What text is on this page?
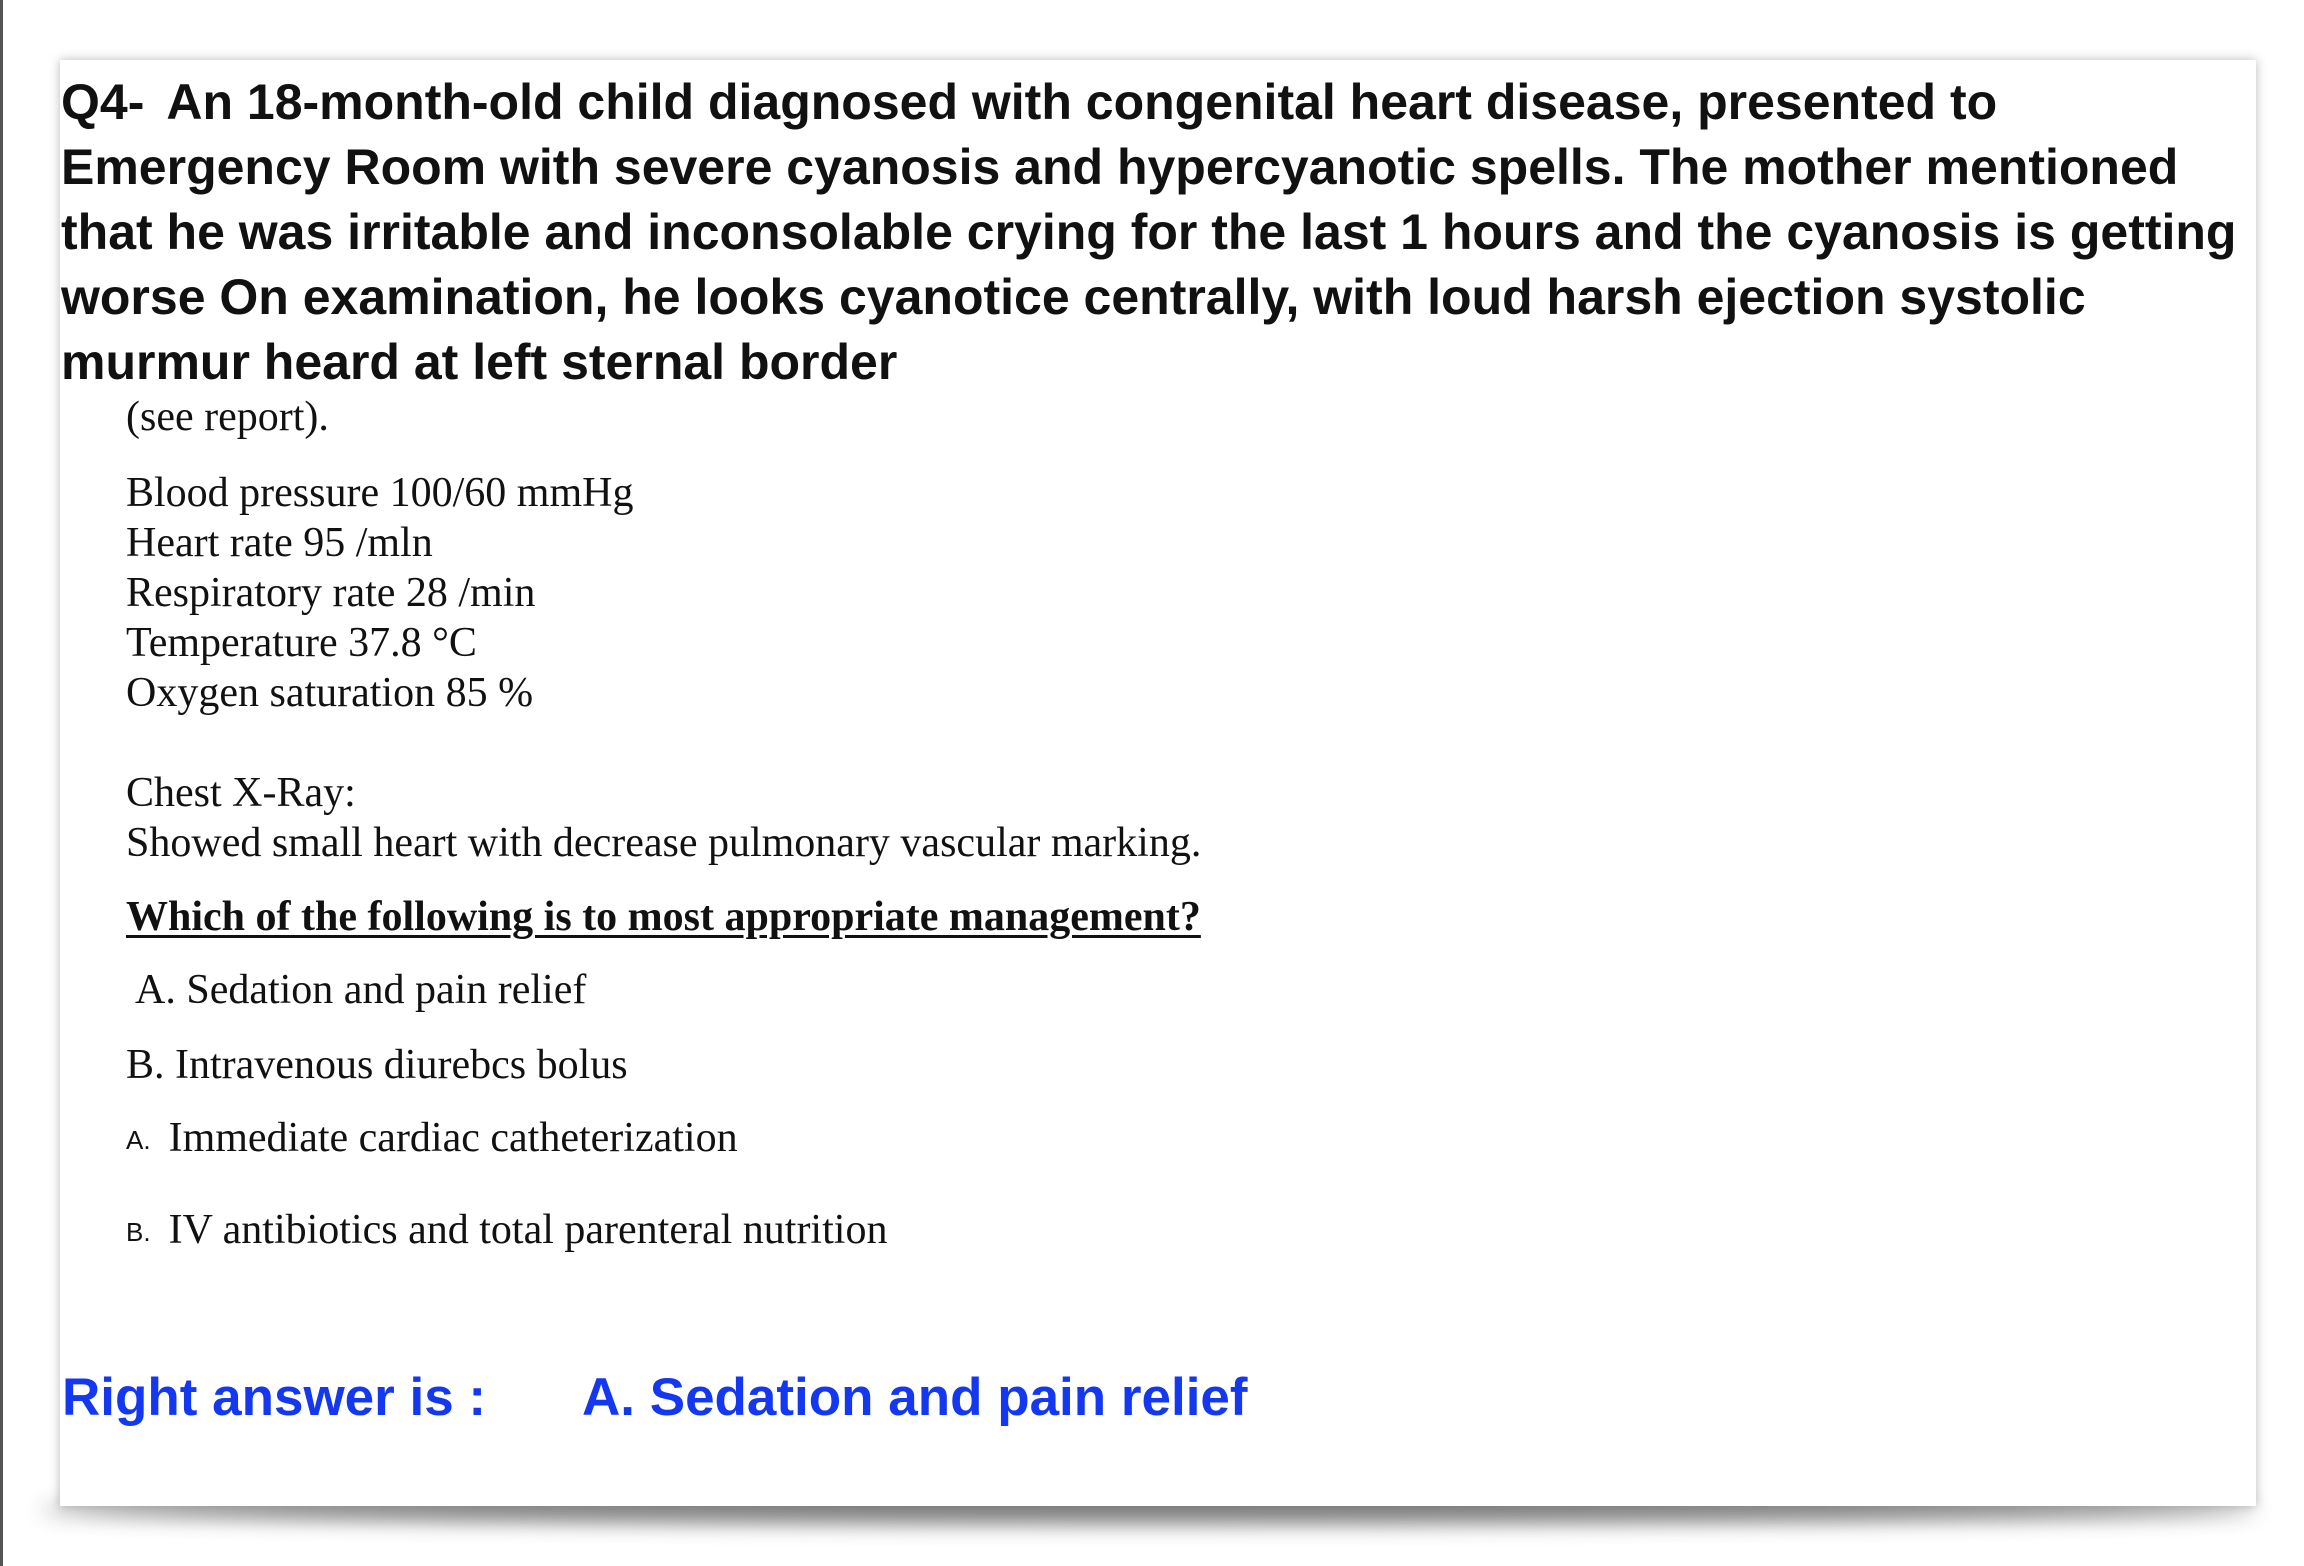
Q4- An 18-month-old child diagnosed with congenital heart disease, presented to Emergency Room with severe cyanosis and hypercyanotic spells. The mother mentioned that he was irritable and inconsolable crying for the last 1 hours and the cyanosis is getting worse On examination, he looks cyanotice centrally, with loud harsh ejection systolic murmur heard at left sternal border

(see report).

Blood pressure 100/60 mmHg
Heart rate 95 /mln
Respiratory rate 28 /min
Temperature 37.8 °C
Oxygen saturation 85 %

Chest X-Ray:

Showed small heart with decrease pulmonary vascular marking.

Which of the following is to most appropriate management?

A. Sedation and pain relief

B. Intravenous diurebcs bolus

A. Immediate cardiac catheterization

B. IV antibiotics and total parenteral nutrition

Right answer is : A. Sedation and pain relief
